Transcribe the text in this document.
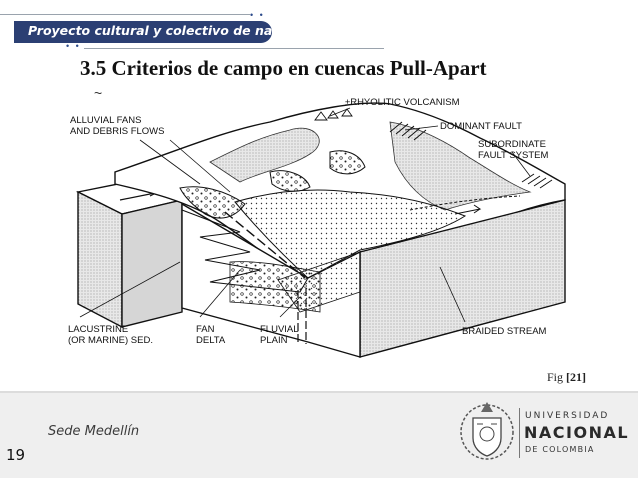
• •
Proyecto cultural y colectivo de nación
• •
3.5 Criterios de campo en cuencas Pull-Apart
~
ALLUVIAL FANS
AND DEBRIS FLOWS
±RHYOLITIC VOLCANISM
DOMINANT FAULT
SUBORDINATE
FAULT SYSTEM
LACUSTRINE
(OR MARINE) SED.
FAN
DELTA
FLUVIAL
PLAIN
BRAIDED STREAM
Fig [21]
Sede Medellín
19
UNIVERSIDAD
NACIONAL
DE COLOMBIA
